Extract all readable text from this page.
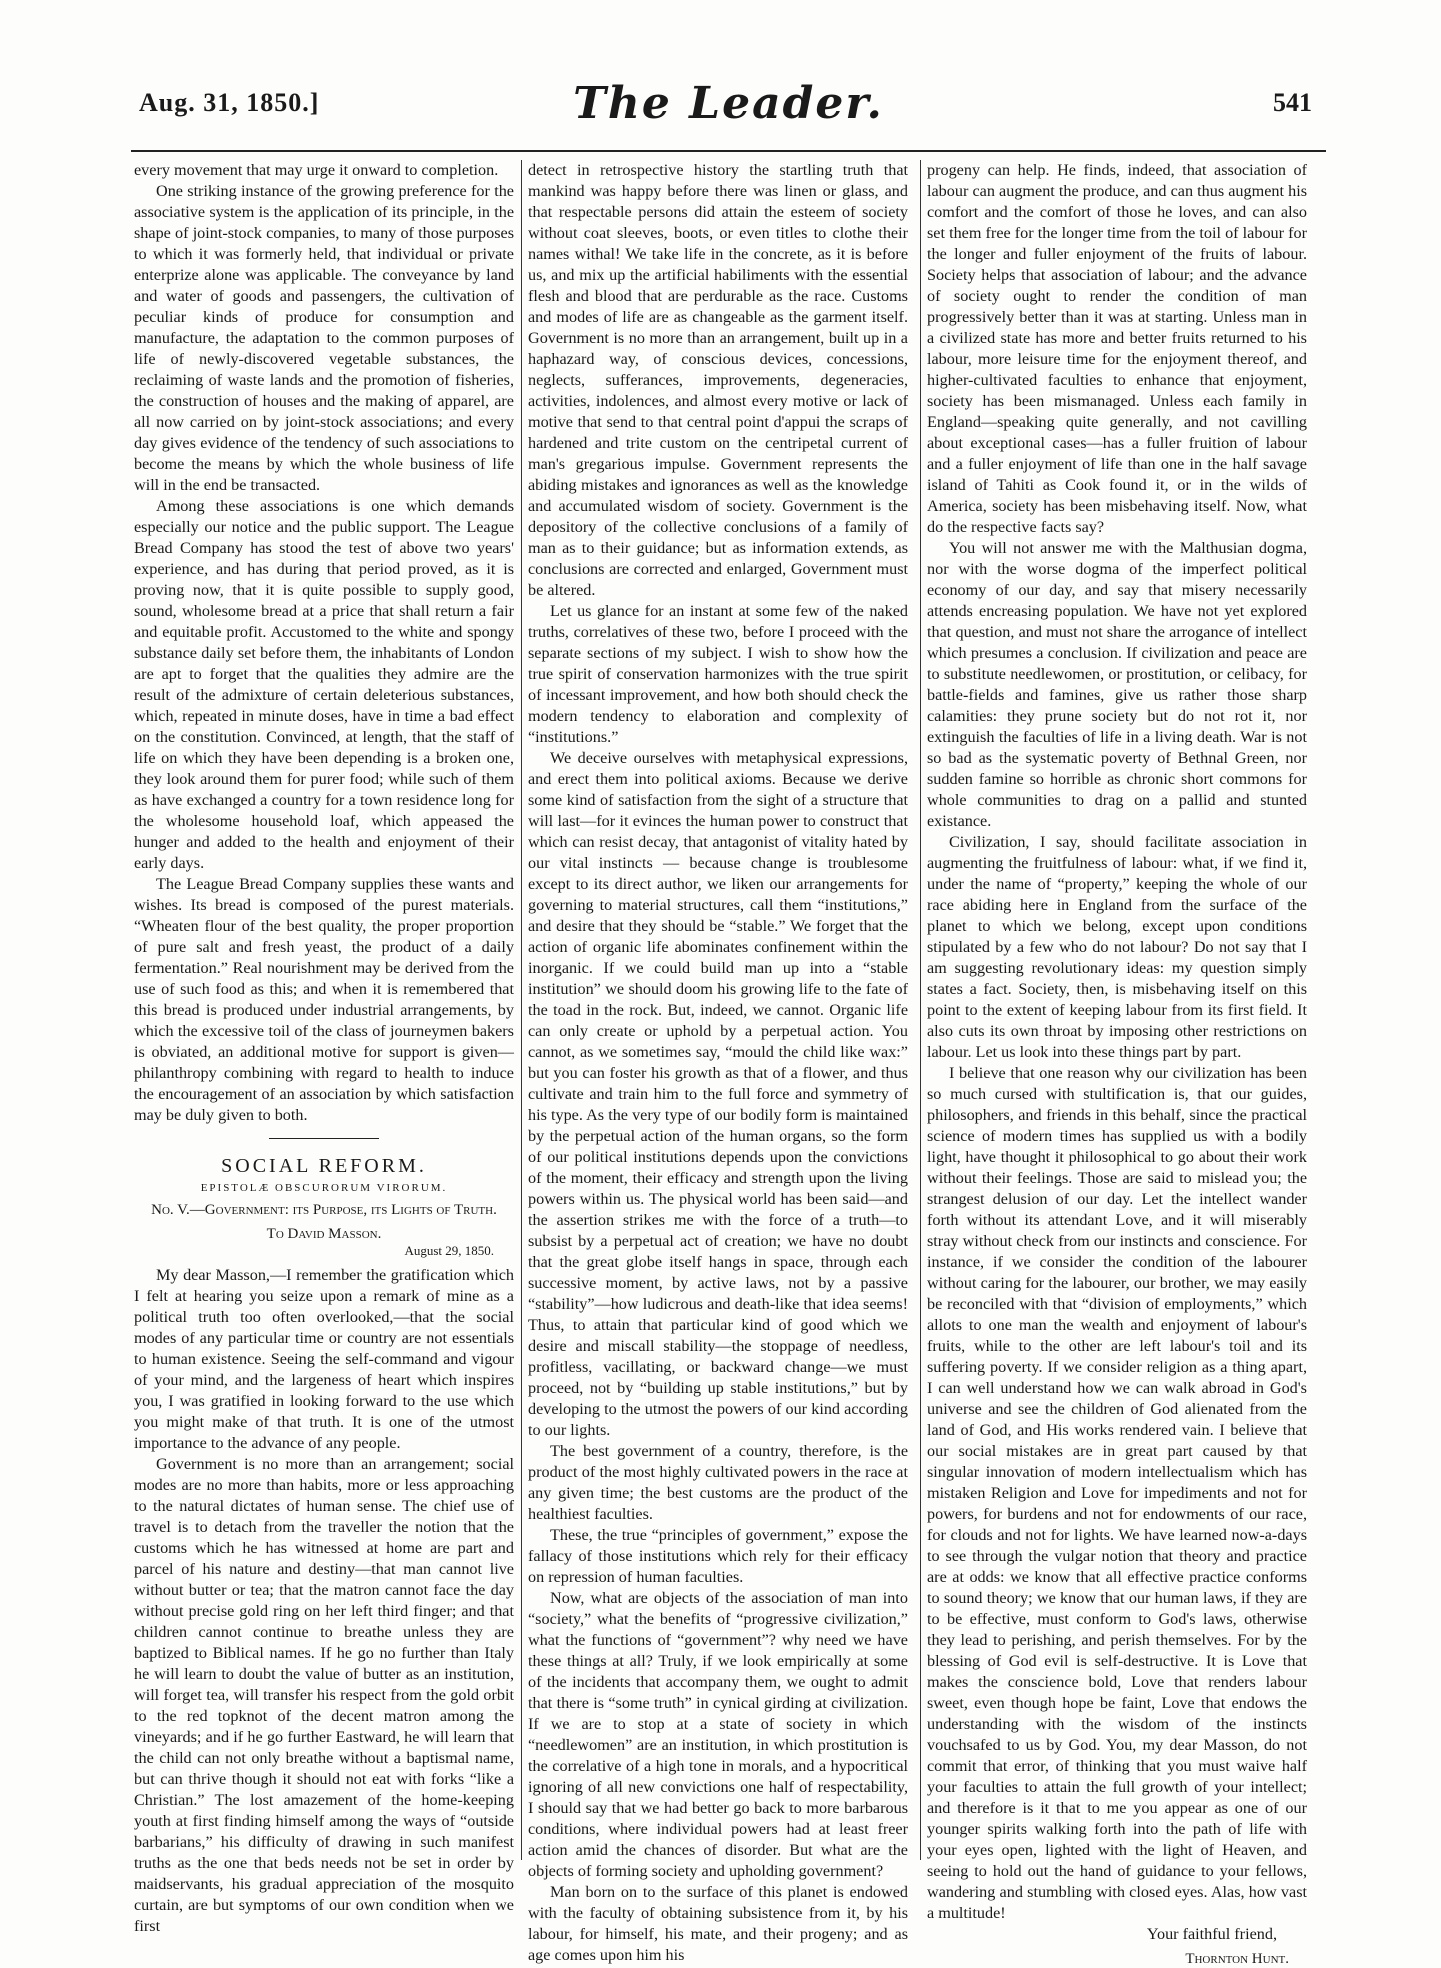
Aug. 31, 1850.]	The Leader.	541

every movement that may urge it onward to completion.

One striking instance of the growing preference for the associative system is the application of its principle, in the shape of joint-stock companies, to many of those purposes to which it was formerly held, that individual or private enterprize alone was applicable. The conveyance by land and water of goods and passengers, the cultivation of peculiar kinds of produce for consumption and manufacture, the adaptation to the common purposes of life of newly-discovered vegetable substances, the reclaiming of waste lands and the promotion of fisheries, the construction of houses and the making of apparel, are all now carried on by joint-stock associations; and every day gives evidence of the tendency of such associations to become the means by which the whole business of life will in the end be transacted.

Among these associations is one which demands especially our notice and the public support. The League Bread Company has stood the test of above two years' experience, and has during that period proved, as it is proving now, that it is quite possible to supply good, sound, wholesome bread at a price that shall return a fair and equitable profit. Accustomed to the white and spongy substance daily set before them, the inhabitants of London are apt to forget that the qualities they admire are the result of the admixture of certain deleterious substances, which, repeated in minute doses, have in time a bad effect on the constitution. Convinced, at length, that the staff of life on which they have been depending is a broken one, they look around them for purer food; while such of them as have exchanged a country for a town residence long for the wholesome household loaf, which appeased the hunger and added to the health and enjoyment of their early days.

The League Bread Company supplies these wants and wishes. Its bread is composed of the purest materials. “Wheaten flour of the best quality, the proper proportion of pure salt and fresh yeast, the product of a daily fermentation.” Real nourishment may be derived from the use of such food as this; and when it is remembered that this bread is produced under industrial arrangements, by which the excessive toil of the class of journeymen bakers is obviated, an additional motive for support is given—philanthropy combining with regard to health to induce the encouragement of an association by which satisfaction may be duly given to both.

SOCIAL REFORM.
EPISTOLÆ OBSCURORUM VIRORUM.
No. V.—Government: its Purpose, its Lights of Truth.
To David Masson.
August 29, 1850.

My dear Masson,—I remember the gratification which I felt at hearing you seize upon a remark of mine as a political truth too often overlooked,—that the social modes of any particular time or country are not essentials to human existence. Seeing the self-command and vigour of your mind, and the largeness of heart which inspires you, I was gratified in looking forward to the use which you might make of that truth. It is one of the utmost importance to the advance of any people.

Government is no more than an arrangement; social modes are no more than habits, more or less approaching to the natural dictates of human sense. The chief use of travel is to detach from the traveller the notion that the customs which he has witnessed at home are part and parcel of his nature and destiny—that man cannot live without butter or tea; that the matron cannot face the day without precise gold ring on her left third finger; and that children cannot continue to breathe unless they are baptized to Biblical names. If he go no further than Italy he will learn to doubt the value of butter as an institution, will forget tea, will transfer his respect from the gold orbit to the red topknot of the decent matron among the vineyards; and if he go further Eastward, he will learn that the child can not only breathe without a baptismal name, but can thrive though it should not eat with forks “like a Christian.” The lost amazement of the home-keeping youth at first finding himself among the ways of “outside barbarians,” his difficulty of drawing in such manifest truths as the one that beds needs not be set in order by maidservants, his gradual appreciation of the mosquito curtain, are but symptoms of our own condition when we first

detect in retrospective history the startling truth that mankind was happy before there was linen or glass, and that respectable persons did attain the esteem of society without coat sleeves, boots, or even titles to clothe their names withal! We take life in the concrete, as it is before us, and mix up the artificial habiliments with the essential flesh and blood that are perdurable as the race. Customs and modes of life are as changeable as the garment itself. Government is no more than an arrangement, built up in a haphazard way, of conscious devices, concessions, neglects, sufferances, improvements, degeneracies, activities, indolences, and almost every motive or lack of motive that send to that central point d'appui the scraps of hardened and trite custom on the centripetal current of man's gregarious impulse. Government represents the abiding mistakes and ignorances as well as the knowledge and accumulated wisdom of society. Government is the depository of the collective conclusions of a family of man as to their guidance; but as information extends, as conclusions are corrected and enlarged, Government must be altered.

Let us glance for an instant at some few of the naked truths, correlatives of these two, before I proceed with the separate sections of my subject. I wish to show how the true spirit of conservation harmonizes with the true spirit of incessant improvement, and how both should check the modern tendency to elaboration and complexity of “institutions.”

We deceive ourselves with metaphysical expressions, and erect them into political axioms. Because we derive some kind of satisfaction from the sight of a structure that will last—for it evinces the human power to construct that which can resist decay, that antagonist of vitality hated by our vital instincts — because change is troublesome except to its direct author, we liken our arrangements for governing to material structures, call them “institutions,” and desire that they should be “stable.” We forget that the action of organic life abominates confinement within the inorganic. If we could build man up into a “stable institution” we should doom his growing life to the fate of the toad in the rock. But, indeed, we cannot. Organic life can only create or uphold by a perpetual action. You cannot, as we sometimes say, “mould the child like wax:” but you can foster his growth as that of a flower, and thus cultivate and train him to the full force and symmetry of his type. As the very type of our bodily form is maintained by the perpetual action of the human organs, so the form of our political institutions depends upon the convictions of the moment, their efficacy and strength upon the living powers within us. The physical world has been said—and the assertion strikes me with the force of a truth—to subsist by a perpetual act of creation; we have no doubt that the great globe itself hangs in space, through each successive moment, by active laws, not by a passive “stability”—how ludicrous and death-like that idea seems! Thus, to attain that particular kind of good which we desire and miscall stability—the stoppage of needless, profitless, vacillating, or backward change—we must proceed, not by “building up stable institutions,” but by developing to the utmost the powers of our kind according to our lights.

The best government of a country, therefore, is the product of the most highly cultivated powers in the race at any given time; the best customs are the product of the healthiest faculties.

These, the true “principles of government,” expose the fallacy of those institutions which rely for their efficacy on repression of human faculties.

Now, what are objects of the association of man into “society,” what the benefits of “progressive civilization,” what the functions of “government”? why need we have these things at all? Truly, if we look empirically at some of the incidents that accompany them, we ought to admit that there is “some truth” in cynical girding at civilization. If we are to stop at a state of society in which “needlewomen” are an institution, in which prostitution is the correlative of a high tone in morals, and a hypocritical ignoring of all new convictions one half of respectability, I should say that we had better go back to more barbarous conditions, where individual powers had at least freer action amid the chances of disorder. But what are the objects of forming society and upholding government?

Man born on to the surface of this planet is endowed with the faculty of obtaining subsistence from it, by his labour, for himself, his mate, and their progeny; and as age comes upon him his

progeny can help. He finds, indeed, that association of labour can augment the produce, and can thus augment his comfort and the comfort of those he loves, and can also set them free for the longer time from the toil of labour for the longer and fuller enjoyment of the fruits of labour. Society helps that association of labour; and the advance of society ought to render the condition of man progressively better than it was at starting. Unless man in a civilized state has more and better fruits returned to his labour, more leisure time for the enjoyment thereof, and higher-cultivated faculties to enhance that enjoyment, society has been mismanaged. Unless each family in England—speaking quite generally, and not cavilling about exceptional cases—has a fuller fruition of labour and a fuller enjoyment of life than one in the half savage island of Tahiti as Cook found it, or in the wilds of America, society has been misbehaving itself. Now, what do the respective facts say?

You will not answer me with the Malthusian dogma, nor with the worse dogma of the imperfect political economy of our day, and say that misery necessarily attends encreasing population. We have not yet explored that question, and must not share the arrogance of intellect which presumes a conclusion. If civilization and peace are to substitute needlewomen, or prostitution, or celibacy, for battle-fields and famines, give us rather those sharp calamities: they prune society but do not rot it, nor extinguish the faculties of life in a living death. War is not so bad as the systematic poverty of Bethnal Green, nor sudden famine so horrible as chronic short commons for whole communities to drag on a pallid and stunted existance.

Civilization, I say, should facilitate association in augmenting the fruitfulness of labour: what, if we find it, under the name of “property,” keeping the whole of our race abiding here in England from the surface of the planet to which we belong, except upon conditions stipulated by a few who do not labour? Do not say that I am suggesting revolutionary ideas: my question simply states a fact. Society, then, is misbehaving itself on this point to the extent of keeping labour from its first field. It also cuts its own throat by imposing other restrictions on labour. Let us look into these things part by part.

I believe that one reason why our civilization has been so much cursed with stultification is, that our guides, philosophers, and friends in this behalf, since the practical science of modern times has supplied us with a bodily light, have thought it philosophical to go about their work without their feelings. Those are said to mislead you; the strangest delusion of our day. Let the intellect wander forth without its attendant Love, and it will miserably stray without check from our instincts and conscience. For instance, if we consider the condition of the labourer without caring for the labourer, our brother, we may easily be reconciled with that “division of employments,” which allots to one man the wealth and enjoyment of labour's fruits, while to the other are left labour's toil and its suffering poverty. If we consider religion as a thing apart, I can well understand how we can walk abroad in God's universe and see the children of God alienated from the land of God, and His works rendered vain. I believe that our social mistakes are in great part caused by that singular innovation of modern intellectualism which has mistaken Religion and Love for impediments and not for powers, for burdens and not for endowments of our race, for clouds and not for lights. We have learned now-a-days to see through the vulgar notion that theory and practice are at odds: we know that all effective practice conforms to sound theory; we know that our human laws, if they are to be effective, must conform to God's laws, otherwise they lead to perishing, and perish themselves. For by the blessing of God evil is self-destructive. It is Love that makes the conscience bold, Love that renders labour sweet, even though hope be faint, Love that endows the understanding with the wisdom of the instincts vouchsafed to us by God. You, my dear Masson, do not commit that error, of thinking that you must waive half your faculties to attain the full growth of your intellect; and therefore is it that to me you appear as one of our younger spirits walking forth into the path of life with your eyes open, lighted with the light of Heaven, and seeing to hold out the hand of guidance to your fellows, wandering and stumbling with closed eyes. Alas, how vast a multitude!

Your faithful friend,
Thornton Hunt.
